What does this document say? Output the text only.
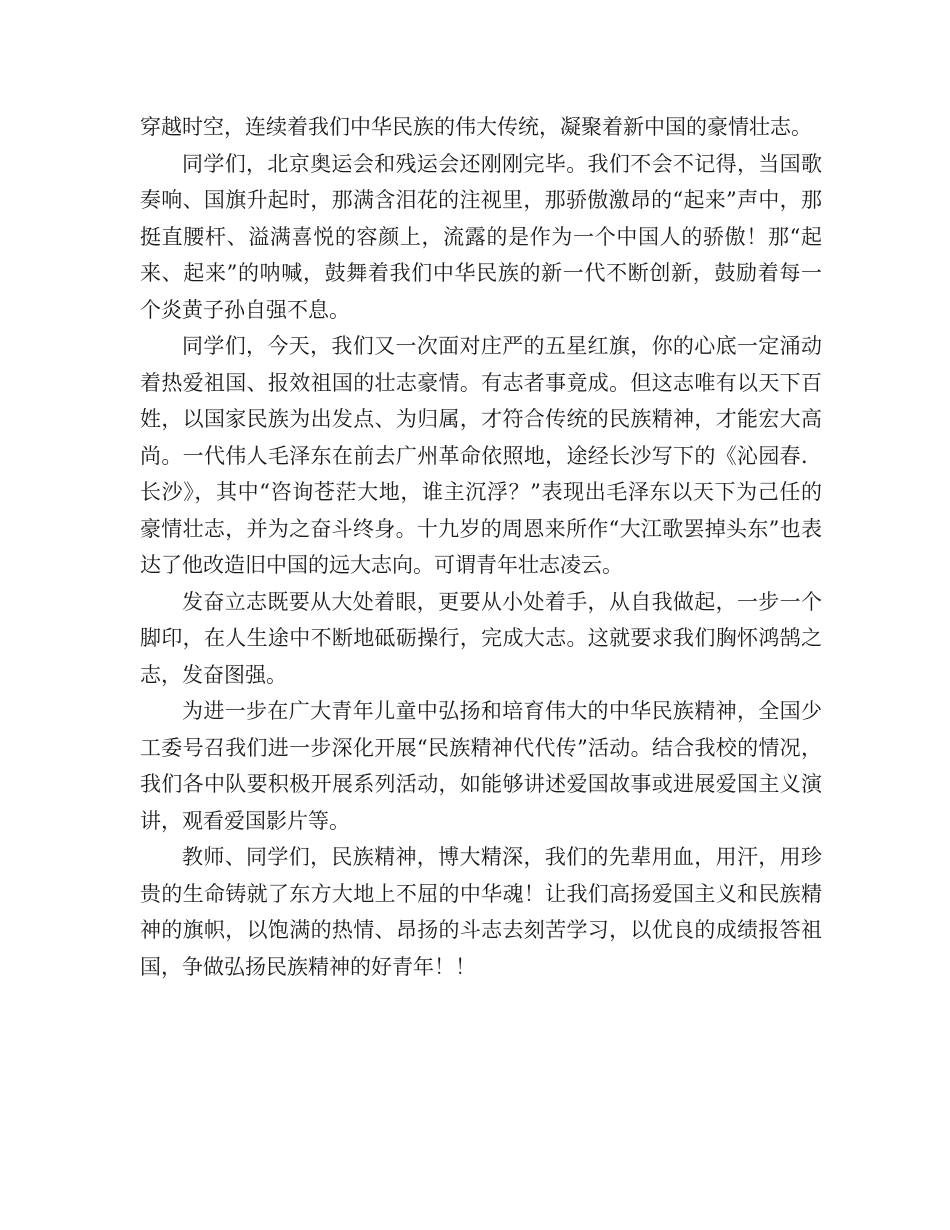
穿越时空，连续着我们中华民族的伟大传统，凝聚着新中国的豪情壮志。

同学们，北京奥运会和残运会还刚刚完毕。我们不会不记得，当国歌奏响、国旗升起时，那满含泪花的注视里，那骄傲激昂的“起来”声中，那挺直腰杆、溢满喜悦的容颜上，流露的是作为一个中国人的骄傲！那“起来、起来”的呐喊，鼓舞着我们中华民族的新一代不断创新，鼓励着每一个炎黄子孙自强不息。

同学们，今天，我们又一次面对庄严的五星红旗，你的心底一定涌动着热爱祖国、报效祖国的壮志豪情。有志者事竟成。但这志唯有以天下百姓，以国家民族为出发点、为归属，才符合传统的民族精神，才能宏大高尚。一代伟人毛泽东在前去广州革命依照地，途经长沙写下的《沁园春．长沙》，其中“咨询苍茫大地，谁主沉浮？”表现出毛泽东以天下为己任的豪情壮志，并为之奋斗终身。十九岁的周恩来所作“大江歌罢掉头东”也表达了他改造旧中国的远大志向。可谓青年壮志凌云。

发奋立志既要从大处着眼，更要从小处着手，从自我做起，一步一个脚印，在人生途中不断地砥砺操行，完成大志。这就要求我们胸怀鸿鹄之志，发奋图强。

为进一步在广大青年儿童中弘扬和培育伟大的中华民族精神，全国少工委号召我们进一步深化开展“民族精神代代传”活动。结合我校的情况，我们各中队要积极开展系列活动，如能够讲述爱国故事或进展爱国主义演讲，观看爱国影片等。

教师、同学们，民族精神，博大精深，我们的先辈用血，用汗，用珍贵的生命铸就了东方大地上不屈的中华魂！让我们高扬爱国主义和民族精神的旗帜，以饱满的热情、昂扬的斗志去刻苦学习，以优良的成绩报答祖国，争做弘扬民族精神的好青年！！
